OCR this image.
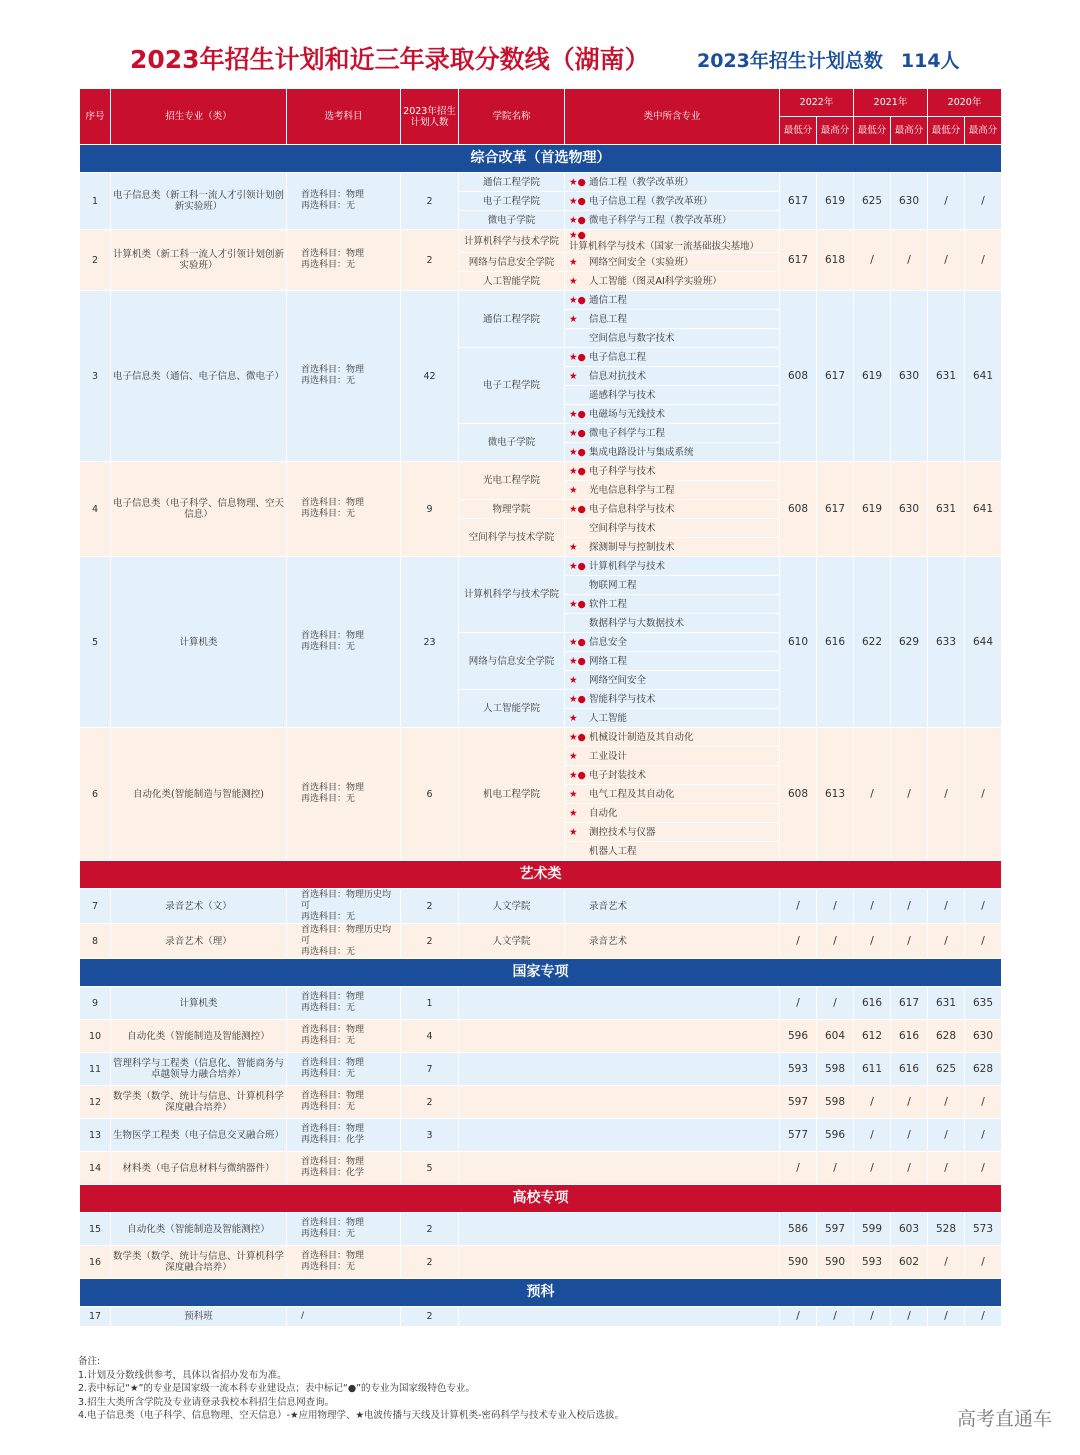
2023年招生计划和近三年录取分数线（湖南） 2023年招生计划总数 114人
序号	招生专业（类）	选考科目	2023年招生计划人数	学院名称	类中所含专业	2022年		2021年		2020年	
						最低分	最高分	最低分	最高分	最低分	最高分
综合改革（首选物理）											
1	电子信息类（新工科一流人才引领计划创新实验班）	首选科目：物理
再选科目：无	2	通信工程学院	★● 通信工程（教学改革班）	617	619	625	630	/	/
				电子工程学院	★● 电子信息工程（教学改革班）						
				微电子学院	★● 微电子科学与工程（教学改革班）						
2	计算机类（新工科一流人才引领计划创新实验班）	首选科目：物理
再选科目：无	2	计算机科学与技术学院	★●计算机科学与技术（国家一流基础拔尖基地）	617	618	/	/	/	/
				网络与信息安全学院	★ 网络空间安全（实验班）						
				人工智能学院	★ 人工智能（图灵AI科学实验班）						
3	电子信息类（通信、电子信息、微电子）	首选科目：物理
再选科目：无	42	通信工程学院	★● 通信工程	608	617	619	630	631	641
					★ 信息工程						
					空间信息与数字技术						
				电子工程学院	★● 电子信息工程						
					★ 信息对抗技术						
					遥感科学与技术						
					★● 电磁场与无线技术						
				微电子学院	★● 微电子科学与工程						
					★● 集成电路设计与集成系统						
4	电子信息类（电子科学、信息物理、空天信息）	首选科目：物理
再选科目：无	9	光电工程学院	★● 电子科学与技术	608	617	619	630	631	641
					★ 光电信息科学与工程						
				物理学院	★● 电子信息科学与技术						
				空间科学与技术学院	空间科学与技术						
					★ 探测制导与控制技术						
5	计算机类	首选科目：物理
再选科目：无	23	计算机科学与技术学院	★● 计算机科学与技术	610	616	622	629	633	644
					物联网工程						
					★● 软件工程						
					数据科学与大数据技术						
				网络与信息安全学院	★● 信息安全						
					★● 网络工程						
					★ 网络空间安全						
				人工智能学院	★● 智能科学与技术						
					★ 人工智能						
6	自动化类(智能制造与智能测控)	首选科目：物理
再选科目：无	6	机电工程学院	★● 机械设计制造及其自动化	608	613	/	/	/	/
					★ 工业设计						
					★● 电子封装技术						
					★ 电气工程及其自动化						
					★ 自动化						
					★ 测控技术与仪器						
					机器人工程						
艺术类											
7	录音艺术（文）	首选科目：物理历史均可
再选科目：无	2	人文学院	录音艺术	/	/	/	/	/	/
8	录音艺术（理）	首选科目：物理历史均可
再选科目：无	2	人文学院	录音艺术	/	/	/	/	/	/
国家专项											
9	计算机类	首选科目：物理
再选科目：无	1			/	/	616	617	631	635
10	自动化类（智能制造及智能测控）	首选科目：物理
再选科目：无	4			596	604	612	616	628	630
11	管理科学与工程类（信息化、智能商务与卓越领导力融合培养）	首选科目：物理
再选科目：无	7			593	598	611	616	625	628
12	数学类（数学、统计与信息、计算机科学深度融合培养）	首选科目：物理
再选科目：无	2			597	598	/	/	/	/
13	生物医学工程类（电子信息交叉融合班）	首选科目：物理
再选科目：化学	3			577	596	/	/	/	/
14	材料类（电子信息材料与微纳器件）	首选科目：物理
再选科目：化学	5			/	/	/	/	/	/
高校专项											
15	自动化类（智能制造及智能测控）	首选科目：物理
再选科目：无	2			586	597	599	603	528	573
16	数学类（数学、统计与信息、计算机科学深度融合培养）	首选科目：物理
再选科目：无	2			590	590	593	602	/	/
预科											
17	预科班	/	2			/	/	/	/	/	/
备注:
1.计划及分数线供参考，具体以省招办发布为准。
2.表中标记“★”的专业是国家级一流本科专业建设点；表中标记“●”的专业为国家级特色专业。
3.招生大类所含学院及专业请登录我校本科招生信息网查询。
4.电子信息类（电子科学、信息物理、空天信息）-★应用物理学、★电波传播与天线及计算机类-密码科学与技术专业入校后选拔。	高考直通车
